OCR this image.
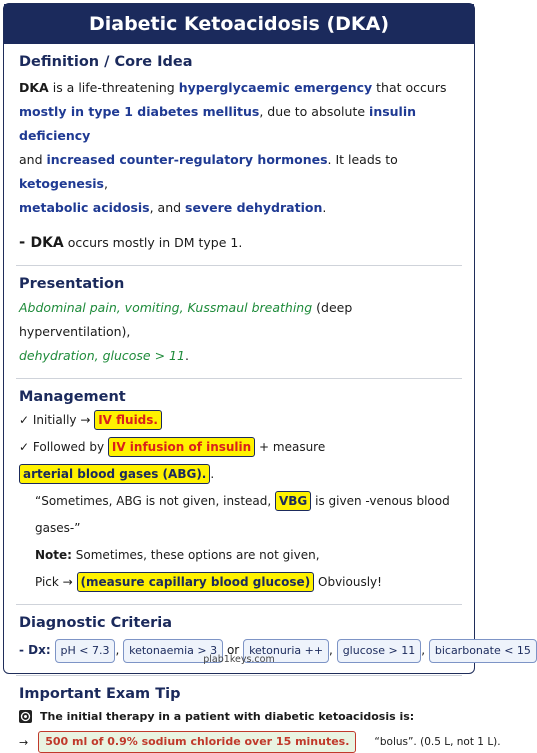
Diabetic Ketoacidosis (DKA)
Definition / Core Idea

DKA is a life-threatening hyperglycaemic emergency that occurs
mostly in type 1 diabetes mellitus, due to absolute insulin deficiency
and increased counter-regulatory hormones. It leads to ketogenesis,
metabolic acidosis, and severe dehydration.

- DKA occurs mostly in DM type 1.

Presentation

Abdominal pain, vomiting, Kussmaul breathing (deep hyperventilation),
dehydration, glucose > 11.

Management
✓ Initially → IV fluids.
✓ Followed by IV infusion of insulin + measure arterial blood gases (ABG). .
“Sometimes, ABG is not given, instead, VBG is given -venous blood gases-”
Note: Sometimes, these options are not given,
Pick → (measure capillary blood glucose) Obviously!
Diagnostic Criteria
- Dx: pH < 7.3 , ketonaemia > 3 or ketonuria ++ , glucose > 11 , bicarbonate < 15
Important Exam Tip
The initial therapy in a patient with diabetic ketoacidosis is:
→	500 ml of 0.9% sodium chloride over 15 minutes.	“bolus”. (0.5 L, not 1 L).
plab1keys.com
